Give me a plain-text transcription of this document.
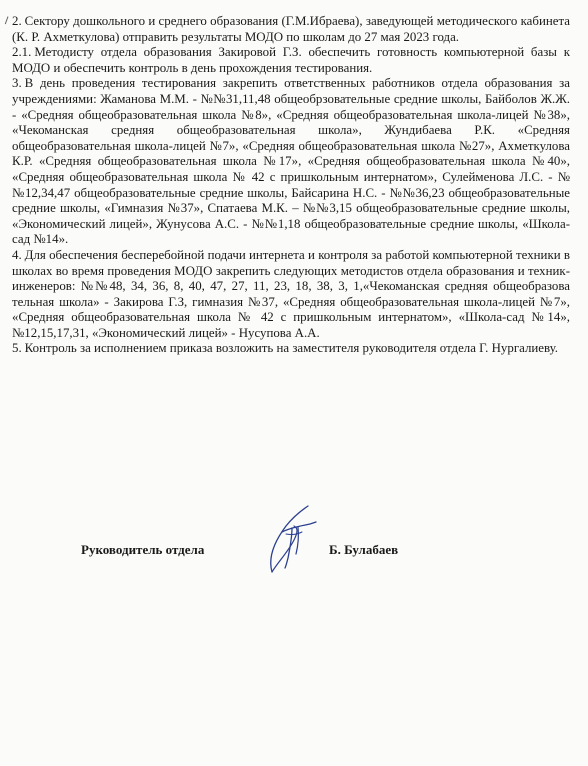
2. Сектору дошкольного и среднего образования (Г.М.Ибраева), заведующей методического кабинета (К. Р. Ахметкулова) отправить результаты МОДО по школам до 27 мая 2023 года.

2.1. Методисту отдела образования Закировой Г.З. обеспечить готовность компьютерной базы к МОДО и обеспечить контроль в день прохождения тестирования.

3. В день проведения тестирования закрепить ответственных работников отдела образования за учреждениями: Жаманова М.М. - №№31,11,48 общеобрзовательные средние школы, Байболов Ж.Ж. - «Средняя общеобразовательная школа №8», «Средняя общеобразовательная школа-лицей №38», «Чекоманская средняя общеобразовательная школа», Жундибаева Р.К. «Средняя общеобразовательная школа-лицей №7», «Средняя общеобразовательная школа №27», Ахметкулова К.Р. «Средняя общеобразовательная школа №17», «Средняя общеобразовательная школа №40», «Средняя общеобразовательная школа № 42 с пришкольным интернатом», Сулейменова Л.С. - №№12,34,47 общеобразовательные средние школы, Байсарина Н.С. - №№36,23 общеобразовательные средние школы, «Гимназия №37», Спатаева М.К. – №№3,15 общеобразовательные средние школы, «Экономический лицей», Жунусова А.С. - №№1,18 общеобразовательные средние школы, «Школа-сад №14».

4. Для обеспечения бесперебойной подачи интернета и контроля за работой компьютерной техники в школах во время проведения МОДО закрепить следующих методистов отдела образования и техник- инженеров: №№48, 34, 36, 8, 40, 47, 27, 11, 23, 18, 38, 3, 1,«Чекоманская средняя общеобразова тельная школа» - Закирова Г.З, гимназия №37, «Средняя общеобразовательная школа-лицей №7», «Средняя общеобразовательная школа № 42 с пришкольным интернатом», «Школа-сад №14», №12,15,17,31, «Экономический лицей» - Нусупова А.А.

5. Контроль за исполнением приказа возложить на заместителя руководителя отдела Г. Нургалиеву.

Руководитель отдела	Б. Булабаев
